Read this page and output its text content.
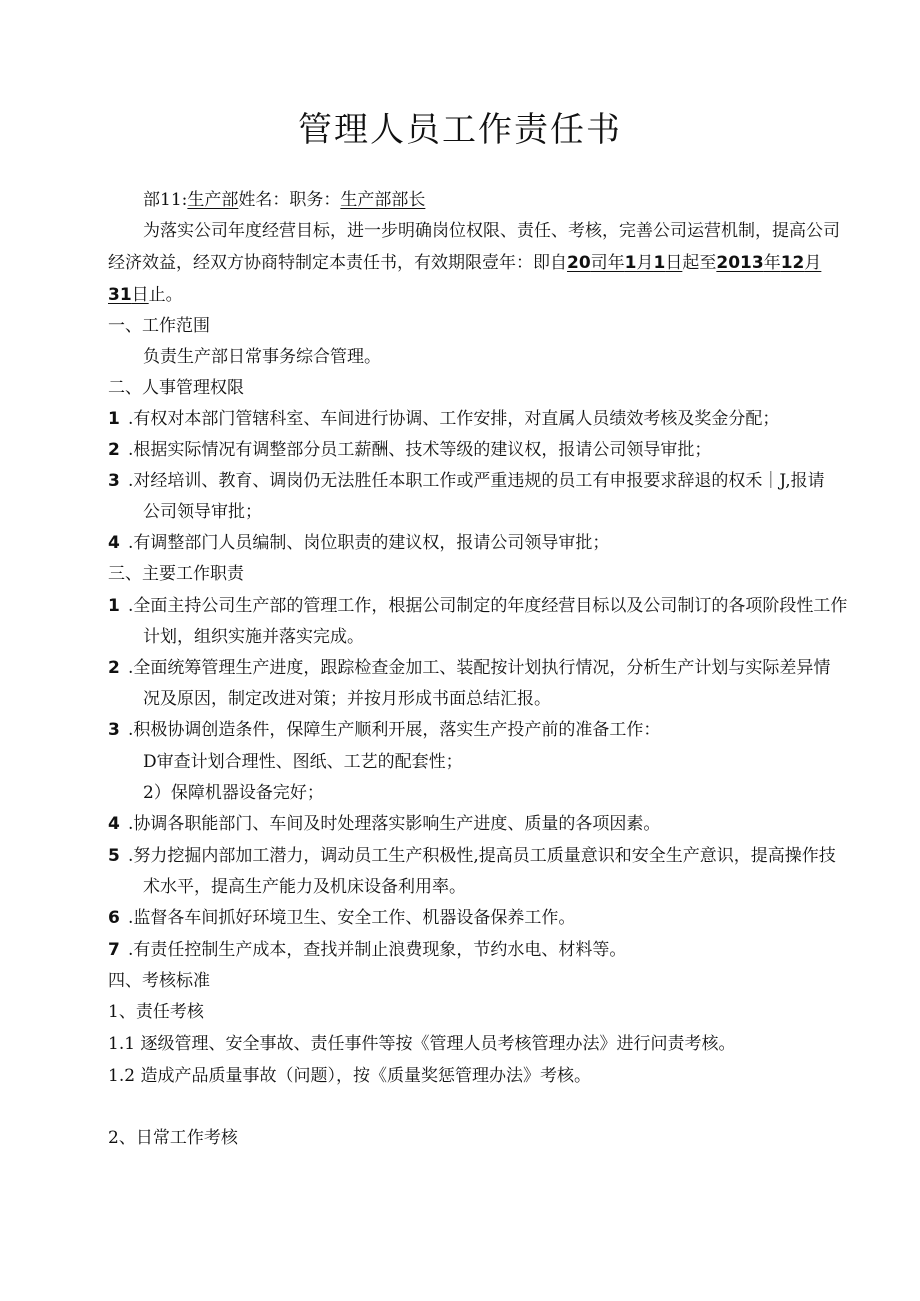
管理人员工作责任书
部11:生产部姓名：职务：生产部部长
为落实公司年度经营目标，进一步明确岗位权限、责任、考核，完善公司运营机制，提高公司
经济效益，经双方协商特制定本责任书，有效期限壹年：即自20司年1月1日起至2013年12月
31日止。
一、工作范围
负责生产部日常事务综合管理。
二、人事管理权限
1 .有权对本部门管辖科室、车间进行协调、工作安排，对直属人员绩效考核及奖金分配；
2 .根据实际情况有调整部分员工薪酬、技术等级的建议权，报请公司领导审批；
3 .对经培训、教育、调岗仍无法胜任本职工作或严重违规的员工有申报要求辞退的权禾｜J,报请
公司领导审批；
4 .有调整部门人员编制、岗位职责的建议权，报请公司领导审批；
三、主要工作职责
1 .全面主持公司生产部的管理工作，根据公司制定的年度经营目标以及公司制订的各项阶段性工作
计划，组织实施并落实完成。
2 .全面统筹管理生产进度，跟踪检查金加工、装配按计划执行情况，分析生产计划与实际差异情
况及原因，制定改进对策；并按月形成书面总结汇报。
3 .积极协调创造条件，保障生产顺利开展，落实生产投产前的准备工作：
D审查计划合理性、图纸、工艺的配套性；
2）保障机器设备完好；
4 .协调各职能部门、车间及时处理落实影响生产进度、质量的各项因素。
5 .努力挖掘内部加工潜力，调动员工生产积极性,提高员工质量意识和安全生产意识，提高操作技
术水平，提高生产能力及机床设备利用率。
6 .监督各车间抓好环境卫生、安全工作、机器设备保养工作。
7 .有责任控制生产成本，查找并制止浪费现象，节约水电、材料等。
四、考核标准
1、责任考核
1.1 逐级管理、安全事故、责任事件等按《管理人员考核管理办法》进行问责考核。
1.2 造成产品质量事故（问题），按《质量奖惩管理办法》考核。
2、日常工作考核
